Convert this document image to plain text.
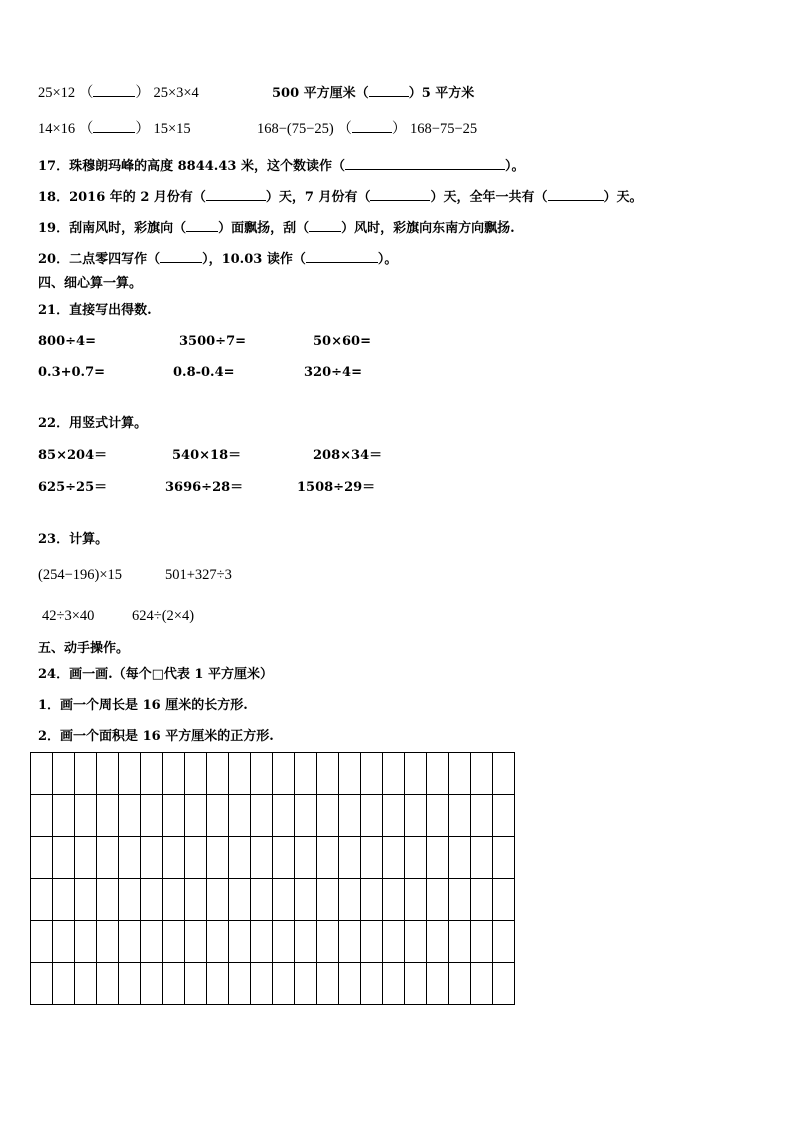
25×12 （	） 25×3×4	500 平方厘米（	）5 平方米
14×16 （	） 15×15	168−(75−25) （	） 168−75−25
17．珠穆朗玛峰的高度 8844.43 米，这个数读作（	）。
18．2016 年的 2 月份有（	）天，7 月份有（	）天，全年一共有（	）天。
19．刮南风时，彩旗向（ ）面飘扬，刮（ ）风时，彩旗向东南方向飘扬.
20．二点零四写作（	），10.03 读作（	）。
四、细心算一算。
21．直接写出得数.
800÷4=	3500÷7=	50×60=
0.3+0.7=	0.8-0.4=	320÷4=
22．用竖式计算。
85×204＝	540×18＝	208×34＝
625÷25＝	3696÷28＝	1508÷29＝
23．计算。
(254−196)×15	501+327÷3
42÷3×40	624÷(2×4)
五、动手操作。
24．画一画.（每个□代表 1 平方厘米）
1．画一个周长是 16 厘米的长方形.
2．画一个面积是 16 平方厘米的正方形.
